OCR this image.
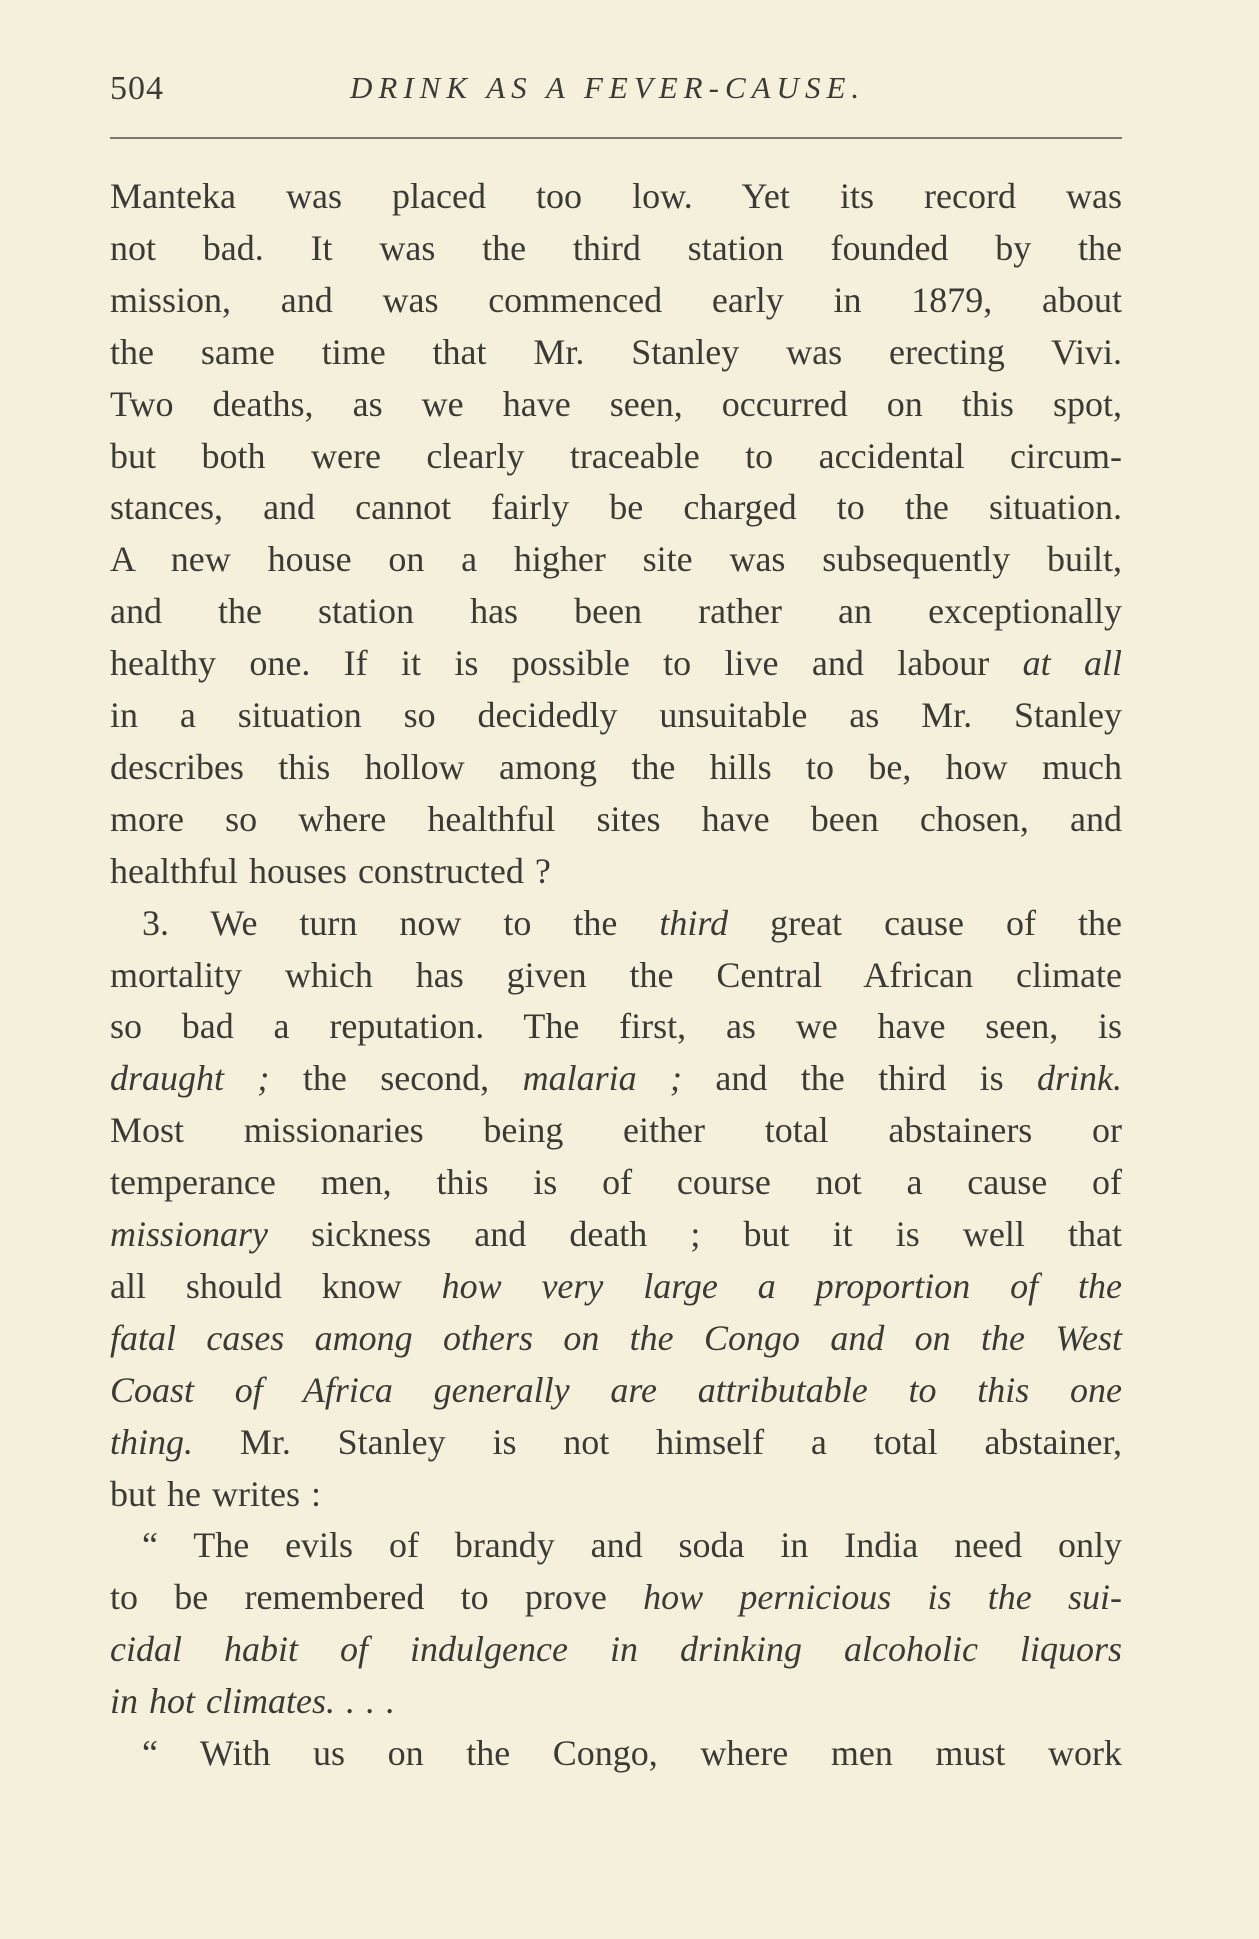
504	DRINK AS A FEVER-CAUSE.
Manteka was placed too low. Yet its record was
not bad. It was the third station founded by the
mission, and was commenced early in 1879, about
the same time that Mr. Stanley was erecting Vivi.
Two deaths, as we have seen, occurred on this spot,
but both were clearly traceable to accidental circum-
stances, and cannot fairly be charged to the situation.
A new house on a higher site was subsequently built,
and the station has been rather an exceptionally
healthy one. If it is possible to live and labour at all
in a situation so decidedly unsuitable as Mr. Stanley
describes this hollow among the hills to be, how much
more so where healthful sites have been chosen, and
healthful houses constructed ?
3. We turn now to the third great cause of the
mortality which has given the Central African climate
so bad a reputation. The first, as we have seen, is
draught ; the second, malaria ; and the third is drink.
Most missionaries being either total abstainers or
temperance men, this is of course not a cause of
missionary sickness and death ; but it is well that
all should know how very large a proportion of the
fatal cases among others on the Congo and on the West
Coast of Africa generally are attributable to this one
thing. Mr. Stanley is not himself a total abstainer,
but he writes :
“ The evils of brandy and soda in India need only
to be remembered to prove how pernicious is the sui-
cidal habit of indulgence in drinking alcoholic liquors
in hot climates. . . .
“ With us on the Congo, where men must work
